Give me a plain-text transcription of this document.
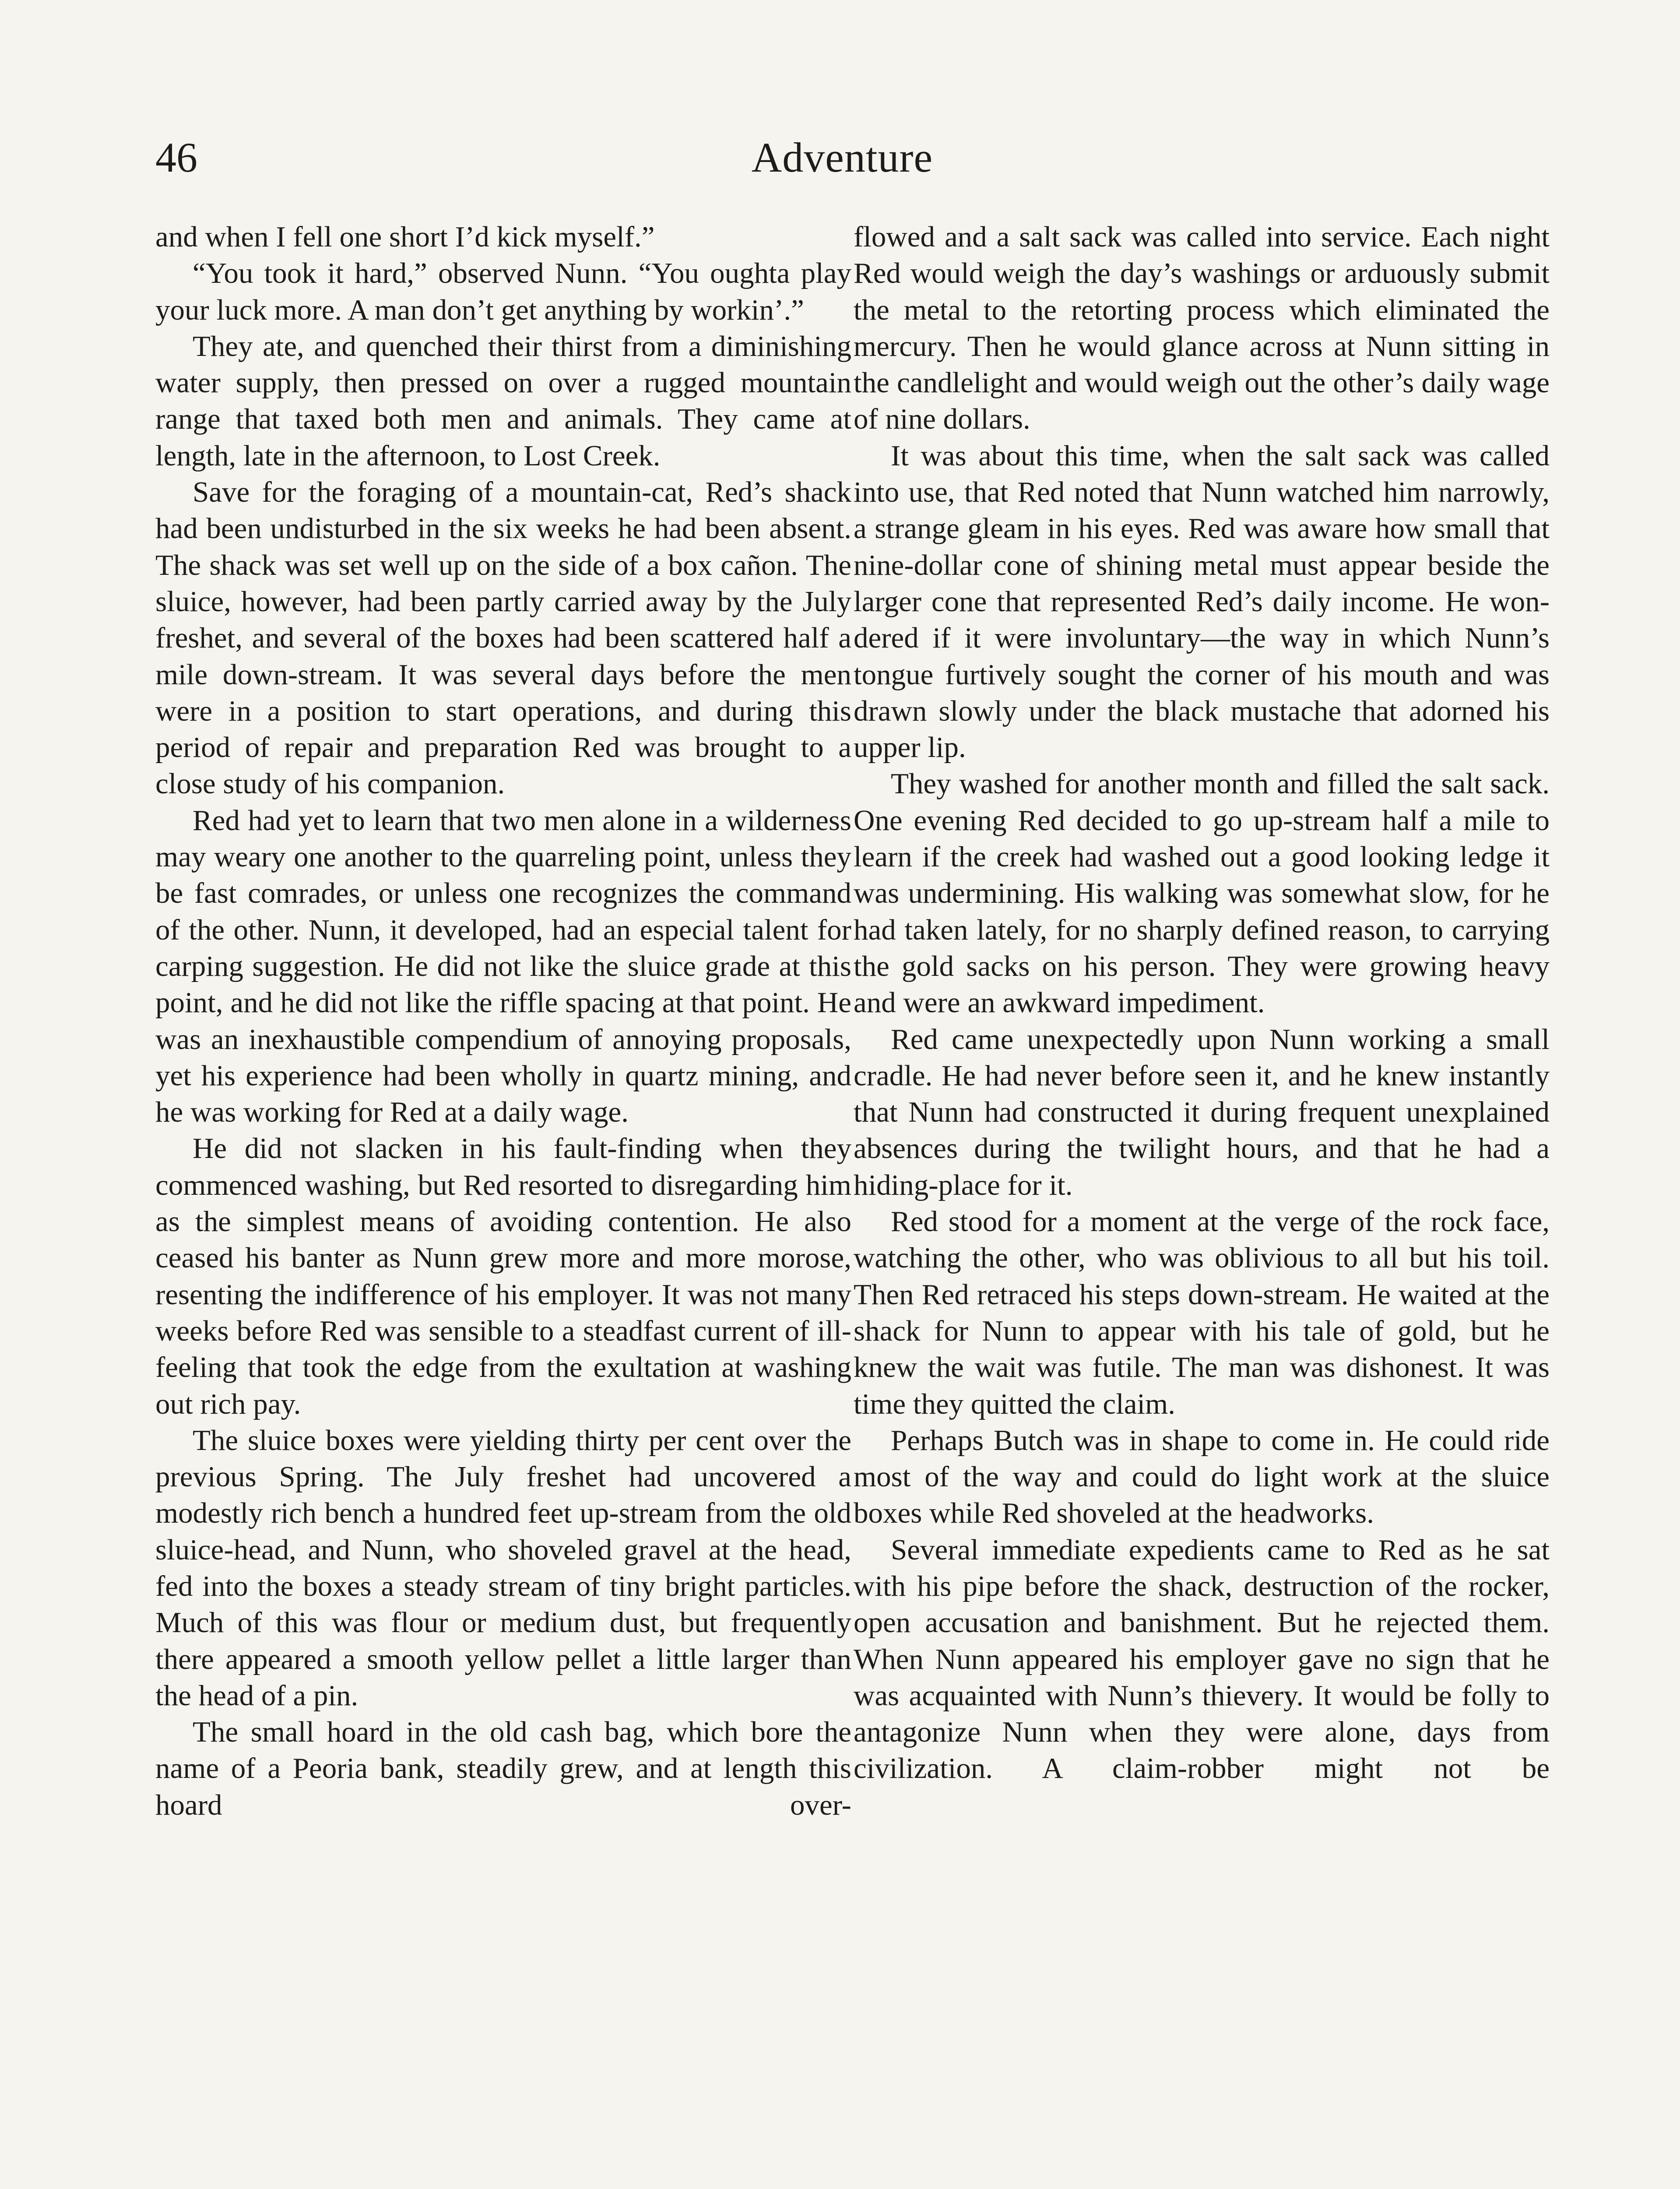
46	Adventure

and when I fell one short I’d kick myself.”

“You took it hard,” observed Nunn. “You oughta play your luck more. A man don’t get anything by workin’.”

They ate, and quenched their thirst from a diminishing water supply, then pressed on over a rugged mountain range that taxed both men and animals. They came at length, late in the afternoon, to Lost Creek.

Save for the foraging of a mountain-cat, Red’s shack had been undisturbed in the six weeks he had been absent. The shack was set well up on the side of a box cañon. The sluice, however, had been partly carried away by the July freshet, and several of the boxes had been scattered half a mile down-stream. It was several days before the men were in a position to start operations, and during this period of repair and preparation Red was brought to a close study of his companion.

Red had yet to learn that two men alone in a wilderness may weary one another to the quarreling point, unless they be fast comrades, or unless one recognizes the command of the other. Nunn, it developed, had an especial talent for carping suggestion. He did not like the sluice grade at this point, and he did not like the riffle spacing at that point. He was an inexhaustible compendium of annoying proposals, yet his experience had been wholly in quartz mining, and he was working for Red at a daily wage.

He did not slacken in his fault-finding when they commenced washing, but Red resorted to disregarding him as the simplest means of avoiding contention. He also ceased his banter as Nunn grew more and more morose, resenting the indifference of his employer. It was not many weeks before Red was sensible to a steadfast current of ill-feeling that took the edge from the exultation at washing out rich pay.

The sluice boxes were yielding thirty per cent over the previous Spring. The July freshet had uncovered a modestly rich bench a hundred feet up-stream from the old sluice-head, and Nunn, who shoveled gravel at the head, fed into the boxes a steady stream of tiny bright particles. Much of this was flour or medium dust, but frequently there appeared a smooth yellow pellet a little larger than the head of a pin.

The small hoard in the old cash bag, which bore the name of a Peoria bank, steadily grew, and at length this hoard over-

flowed and a salt sack was called into service. Each night Red would weigh the day’s washings or arduously submit the metal to the retorting process which eliminated the mercury. Then he would glance across at Nunn sitting in the candlelight and would weigh out the other’s daily wage of nine dollars.

It was about this time, when the salt sack was called into use, that Red noted that Nunn watched him narrowly, a strange gleam in his eyes. Red was aware how small that nine-dollar cone of shining metal must appear beside the larger cone that represented Red’s daily income. He wondered if it were involuntary—the way in which Nunn’s tongue furtively sought the corner of his mouth and was drawn slowly under the black mustache that adorned his upper lip.

They washed for another month and filled the salt sack. One evening Red decided to go up-stream half a mile to learn if the creek had washed out a good looking ledge it was undermining. His walking was somewhat slow, for he had taken lately, for no sharply defined reason, to carrying the gold sacks on his person. They were growing heavy and were an awkward impediment.

Red came unexpectedly upon Nunn working a small cradle. He had never before seen it, and he knew instantly that Nunn had constructed it during frequent unexplained absences during the twilight hours, and that he had a hiding-place for it.

Red stood for a moment at the verge of the rock face, watching the other, who was oblivious to all but his toil. Then Red retraced his steps down-stream. He waited at the shack for Nunn to appear with his tale of gold, but he knew the wait was futile. The man was dishonest. It was time they quitted the claim.

Perhaps Butch was in shape to come in. He could ride most of the way and could do light work at the sluice boxes while Red shoveled at the headworks.

Several immediate expedients came to Red as he sat with his pipe before the shack, destruction of the rocker, open accusation and banishment. But he rejected them. When Nunn appeared his employer gave no sign that he was acquainted with Nunn’s thievery. It would be folly to antagonize Nunn when they were alone, days from civilization. A claim-robber might not be
